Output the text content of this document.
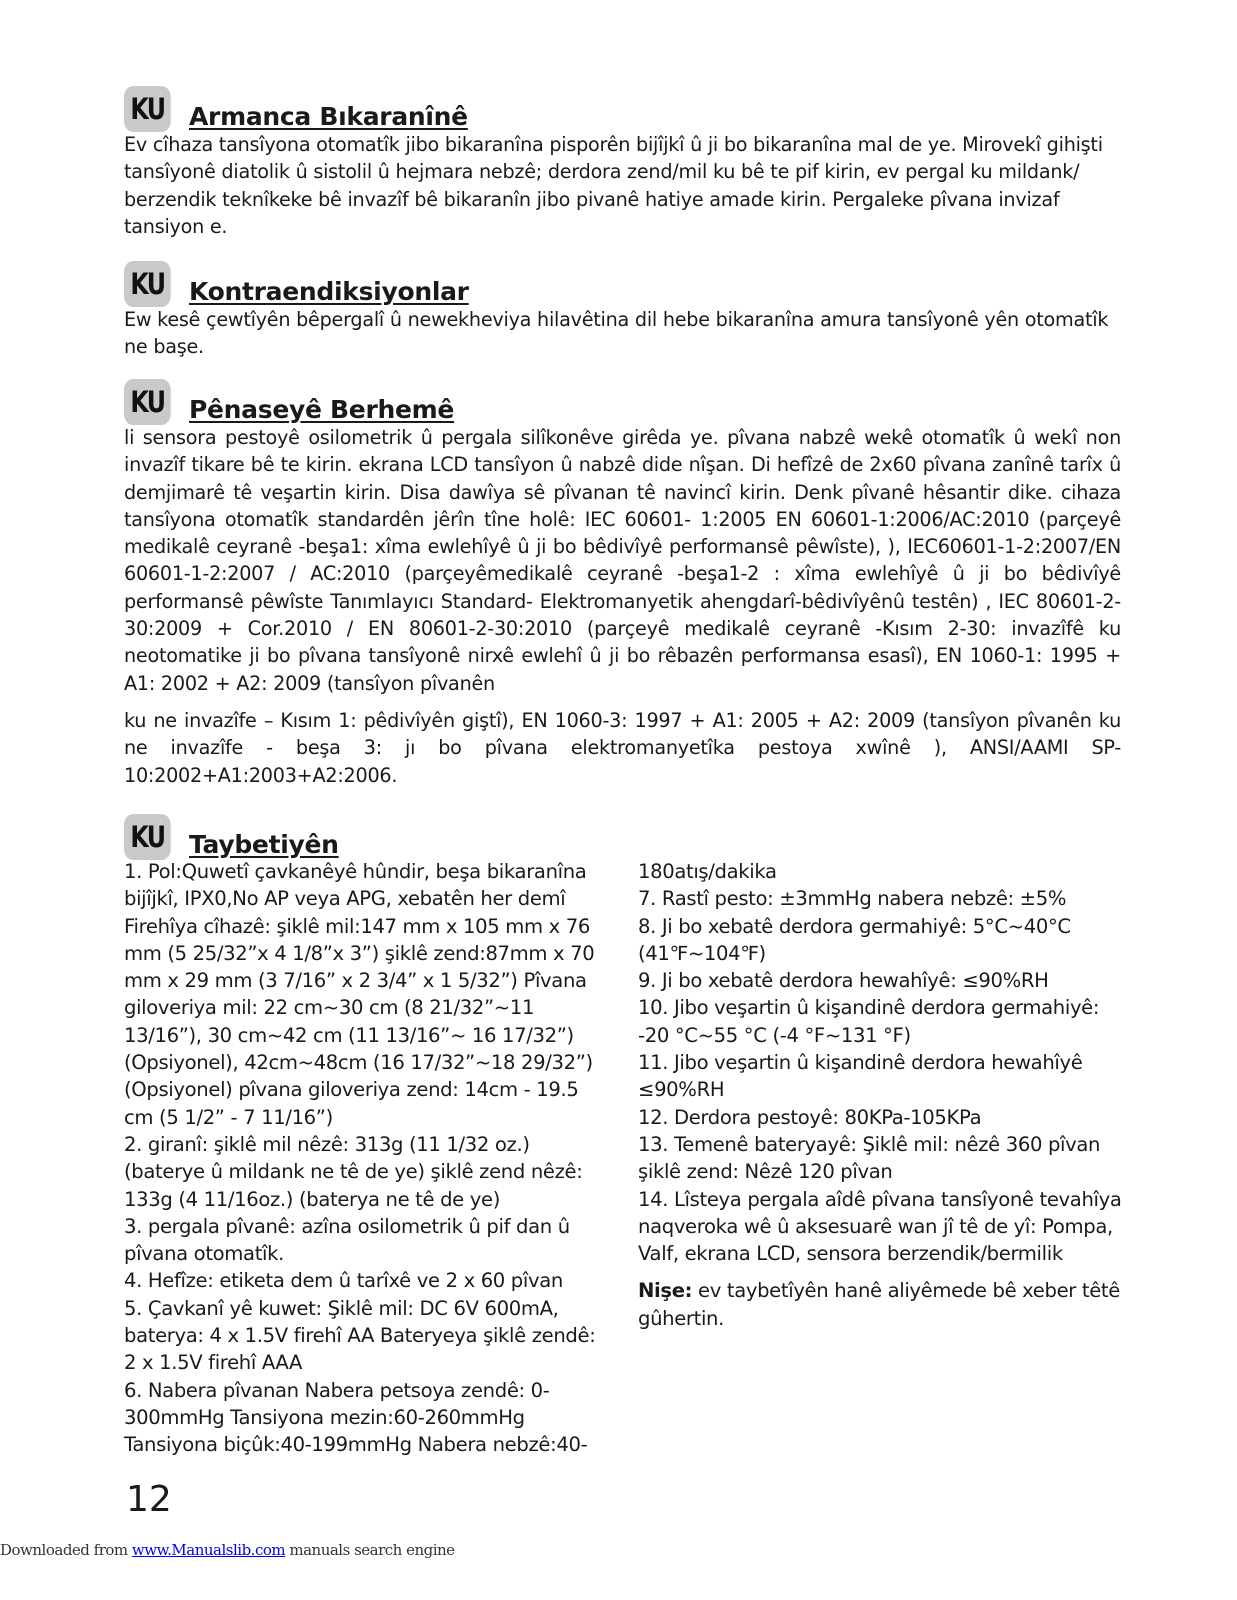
KU Armanca Bıkaranînê

Ev cîhaza tansîyona otomatîk jibo bikaranîna pisporên bijîjkî û ji bo bikaranîna mal de ye. Mirovekî gihişti tansîyonê diatolik û sistolil û hejmara nebzê; derdora zend/mil ku bê te pif kirin, ev pergal ku mildank/ berzendik teknîkeke bê invazîf bê bikaranîn jibo pivanê hatiye amade kirin. Pergaleke pîvana invizaf tansiyon e.

KU Kontraendiksiyonlar

Ew kesê çewtîyên bêpergalî û newekheviya hilavêtina dil hebe bikaranîna amura tansîyonê yên otomatîk ne başe.

KU Pênaseyê Berhemê

li sensora pestoyê osilometrik û pergala silîkonêve girêda ye. pîvana nabzê wekê otomatîk û wekî non invazîf tikare bê te kirin. ekrana LCD tansîyon û nabzê dide nîşan. Di hefîzê de 2x60 pîvana zanînê tarîx û demjimarê tê veşartin kirin. Disa dawîya sê pîvanan tê navincî kirin. Denk pîvanê hêsantir dike. cihaza tansîyona otomatîk standardên jêrîn tîne holê: IEC 60601- 1:2005 EN 60601-1:2006/AC:2010 (parçeyê medikalê ceyranê -beşa1: xîma ewlehîyê û ji bo bêdivîyê performansê pêwîste), ), IEC60601-1-2:2007/EN 60601-1-2:2007 / AC:2010 (parçeyêmedikalê ceyranê -beşa1-2 : xîma ewlehîyê û ji bo bêdivîyê performansê pêwîste Tanımlayıcı Standard- Elektromanyetik ahengdarî-bêdivîyênû testên) , IEC 80601-2- 30:2009 + Cor.2010 / EN 80601-2-30:2010 (parçeyê medikalê ceyranê -Kısım 2-30: invazîfê ku neotomatike ji bo pîvana tansîyonê nirxê ewlehî û ji bo rêbazên performansa esasî), EN 1060-1: 1995 + A1: 2002 + A2: 2009 (tansîyon pîvanên

ku ne invazîfe – Kısım 1: pêdivîyên giştî), EN 1060-3: 1997 + A1: 2005 + A2: 2009 (tansîyon pîvanên ku ne invazîfe - beşa 3: jı bo pîvana elektromanyetîka pestoya xwînê ), ANSI/AAMI SP-10:2002+A1:2003+A2:2006.

KU Taybetiyên

1. Pol:Quwetî çavkanêyê hûndir, beşa bikaranîna bijîjkî, IPX0,No AP veya APG, xebatên her demî Firehîya cîhazê: şiklê mil:147 mm x 105 mm x 76 mm (5 25/32”x 4 1/8”x 3”) şiklê zend:87mm x 70 mm x 29 mm (3 7/16” x 2 3/4” x 1 5/32”) Pîvana giloveriya mil: 22 cm~30 cm (8 21/32”~11 13/16”), 30 cm~42 cm (11 13/16”~ 16 17/32”) (Opsiyonel), 42cm~48cm (16 17/32”~18 29/32”) (Opsiyonel) pîvana giloveriya zend: 14cm - 19.5 cm (5 1/2” - 7 11/16”)

2. giranî: şiklê mil nêzê: 313g (11 1/32 oz.) (baterye û mildank ne tê de ye) şiklê zend nêzê: 133g (4 11/16oz.) (baterya ne tê de ye)

3. pergala pîvanê: azîna osilometrik û pif dan û pîvana otomatîk.

4. Hefîze: etiketa dem û tarîxê ve 2 x 60 pîvan

5. Çavkanî yê kuwet: Şiklê mil: DC 6V 600mA, baterya: 4 x 1.5V firehî AA Bateryeya şiklê zendê: 2 x 1.5V firehî AAA

6. Nabera pîvanan Nabera petsoya zendê: 0-300mmHg Tansiyona mezin:60-260mmHg Tansiyona biçûk:40-199mmHg Nabera nebzê:40-

180atış/dakika

7. Rastî pesto: ±3mmHg nabera nebzê: ±5%

8. Ji bo xebatê derdora germahiyê: 5°C~40°C (41℉~104℉)

9. Ji bo xebatê derdora hewahîyê: ≤90%RH

10. Jibo veşartin û kişandinê derdora germahiyê: -20 °C~55 °C (-4 °F~131 °F)

11. Jibo veşartin û kişandinê derdora hewahîyê ≤90%RH

12. Derdora pestoyê: 80KPa-105KPa

13. Temenê bateryayê: Şiklê mil: nêzê 360 pîvan şiklê zend: Nêzê 120 pîvan

14. Lîsteya pergala aîdê pîvana tansîyonê tevahîya naqveroka wê û aksesuarê wan jî tê de yî: Pompa, Valf, ekrana LCD, sensora berzendik/bermilik

Nişe: ev taybetîyên hanê aliyêmede bê xeber têtê gûhertin.

12
Downloaded from www.Manualslib.com manuals search engine
